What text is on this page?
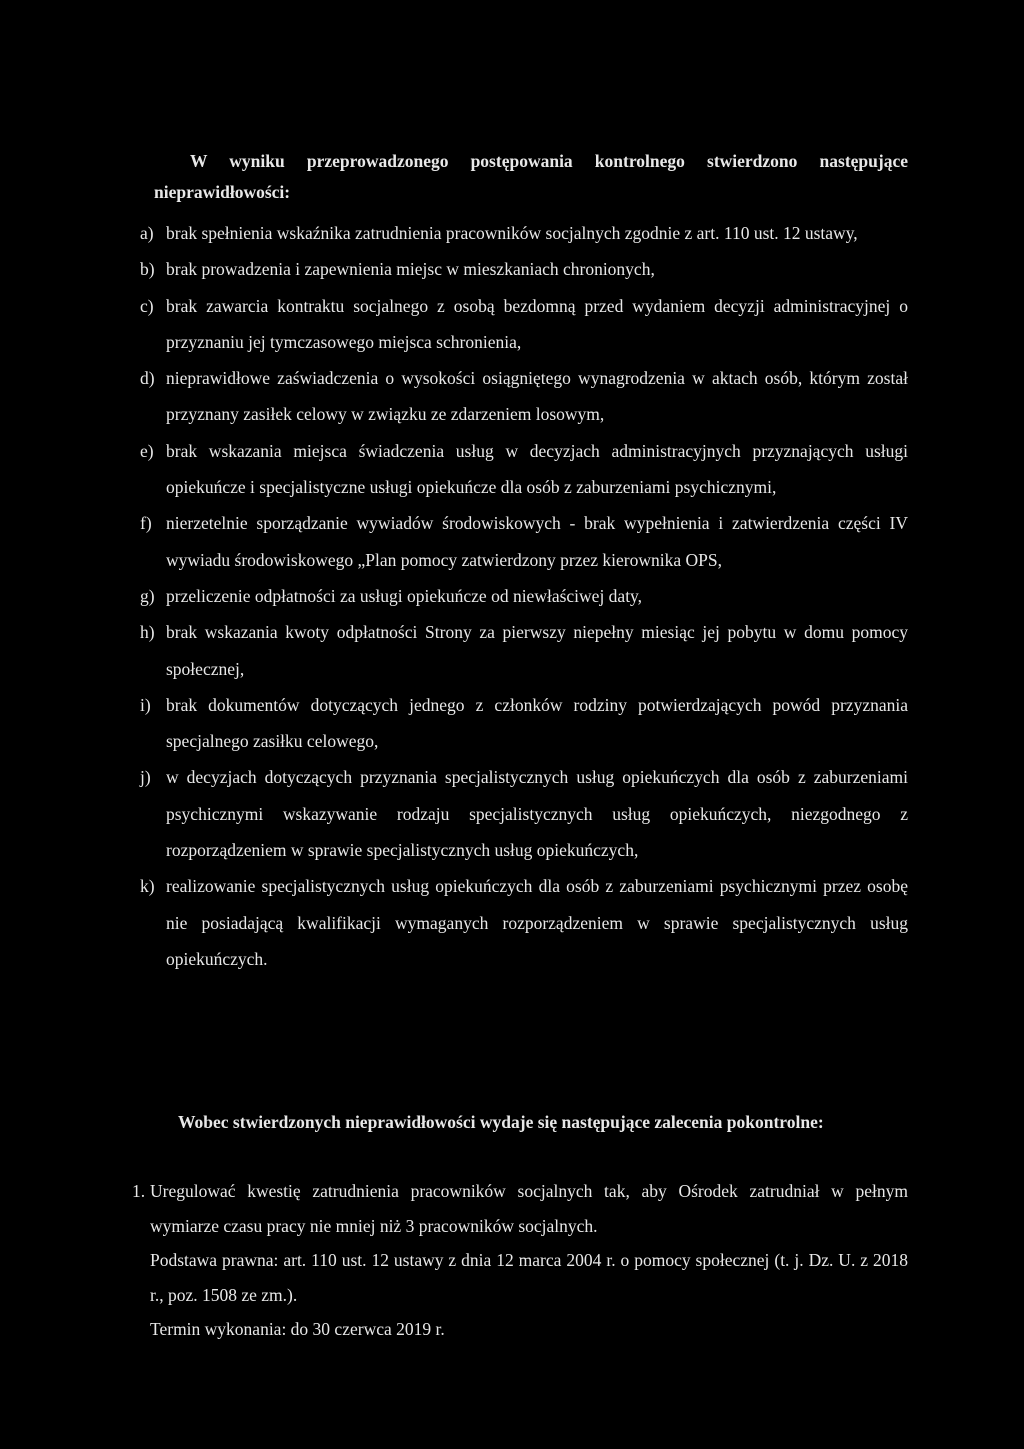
W wyniku przeprowadzonego postępowania kontrolnego stwierdzono następujące nieprawidłowości:
a) brak spełnienia wskaźnika zatrudnienia pracowników socjalnych zgodnie z art. 110 ust. 12 ustawy,
b) brak prowadzenia i zapewnienia miejsc w mieszkaniach chronionych,
c) brak zawarcia kontraktu socjalnego z osobą bezdomną przed wydaniem decyzji administracyjnej o przyznaniu jej tymczasowego miejsca schronienia,
d) nieprawidłowe zaświadczenia o wysokości osiągniętego wynagrodzenia w aktach osób, którym został przyznany zasiłek celowy w związku ze zdarzeniem losowym,
e) brak wskazania miejsca świadczenia usług w decyzjach administracyjnych przyznających usługi opiekuńcze i specjalistyczne usługi opiekuńcze dla osób z zaburzeniami psychicznymi,
f) nierzetelnie sporządzanie wywiadów środowiskowych - brak wypełnienia i zatwierdzenia części IV wywiadu środowiskowego „Plan pomocy zatwierdzony przez kierownika OPS,
g) przeliczenie odpłatności za usługi opiekuńcze od niewłaściwej daty,
h) brak wskazania kwoty odpłatności Strony za pierwszy niepełny miesiąc jej pobytu w domu pomocy społecznej,
i) brak dokumentów dotyczących jednego z członków rodziny potwierdzających powód przyznania specjalnego zasiłku celowego,
j) w decyzjach dotyczących przyznania specjalistycznych usług opiekuńczych dla osób z zaburzeniami psychicznymi wskazywanie rodzaju specjalistycznych usług opiekuńczych, niezgodnego z rozporządzeniem w sprawie specjalistycznych usług opiekuńczych,
k) realizowanie specjalistycznych usług opiekuńczych dla osób z zaburzeniami psychicznymi przez osobę nie posiadającą kwalifikacji wymaganych rozporządzeniem w sprawie specjalistycznych usług opiekuńczych.
Wobec stwierdzonych nieprawidłowości wydaje się następujące zalecenia pokontrolne:
1. Uregulować kwestię zatrudnienia pracowników socjalnych tak, aby Ośrodek zatrudniał w pełnym wymiarze czasu pracy nie mniej niż 3 pracowników socjalnych.
Podstawa prawna: art. 110 ust. 12 ustawy z dnia 12 marca 2004 r. o pomocy społecznej (t. j. Dz. U. z 2018 r., poz. 1508 ze zm.).
Termin wykonania: do 30 czerwca 2019 r.
